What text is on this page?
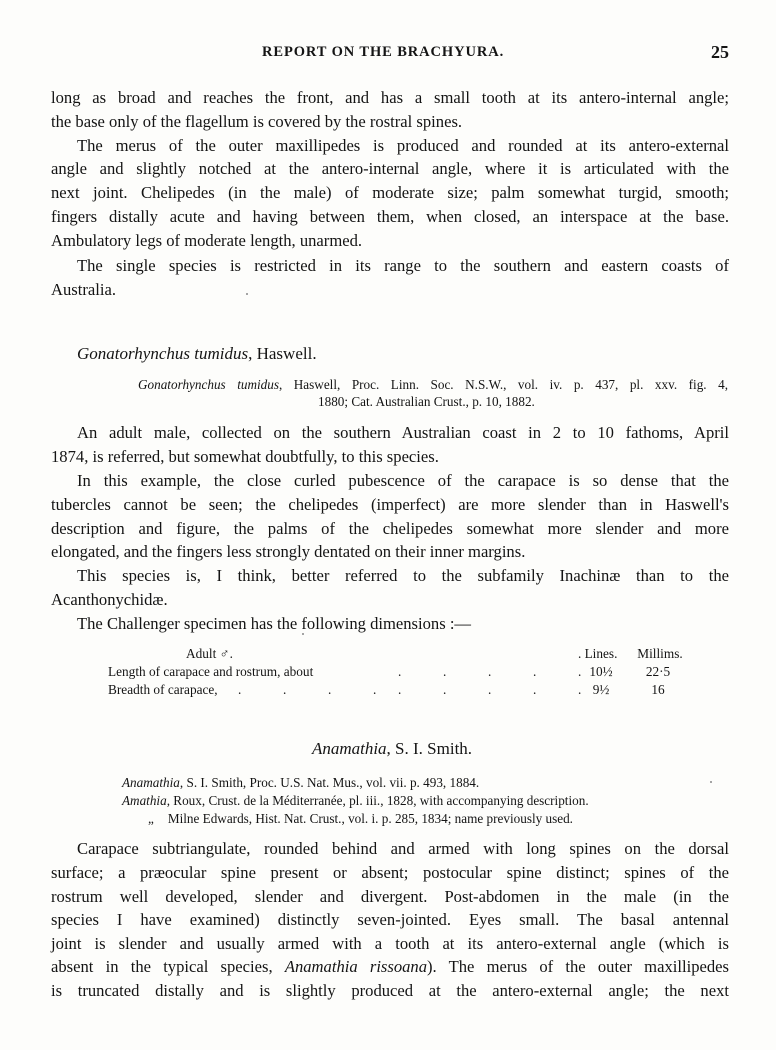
REPORT ON THE BRACHYURA.	25
long as broad and reaches the front, and has a small tooth at its antero-internal angle;
the base only of the flagellum is covered by the rostral spines.
The merus of the outer maxillipedes is produced and rounded at its antero-external
angle and slightly notched at the antero-internal angle, where it is articulated with the
next joint. Chelipedes (in the male) of moderate size; palm somewhat turgid, smooth;
fingers distally acute and having between them, when closed, an interspace at the base.
Ambulatory legs of moderate length, unarmed.
The single species is restricted in its range to the southern and eastern coasts of
Australia.
Gonatorhynchus tumidus, Haswell.
Gonatorhynchus tumidus, Haswell, Proc. Linn. Soc. N.S.W., vol. iv. p. 437, pl. xxv. fig. 4,
1880; Cat. Australian Crust., p. 10, 1882.
An adult male, collected on the southern Australian coast in 2 to 10 fathoms, April
1874, is referred, but somewhat doubtfully, to this species.
In this example, the close curled pubescence of the carapace is so dense that the
tubercles cannot be seen; the chelipedes (imperfect) are more slender than in Haswell's
description and figure, the palms of the chelipedes somewhat more slender and more
elongated, and the fingers less strongly dentated on their inner margins.
This species is, I think, better referred to the subfamily Inachinæ than to the
Acanthonychidæ.
The Challenger specimen has the following dimensions :—
Adult ♂.	. Lines.	Millims.
Length of carapace and rostrum, about	.	.	.	.	. 10½	22·5
Breadth of carapace, .	.	.	. .	.	.	.	. 9½	16
Anamathia, S. I. Smith.
Anamathia, S. I. Smith, Proc. U.S. Nat. Mus., vol. vii. p. 493, 1884.
Amathia, Roux, Crust. de la Méditerranée, pl. iii., 1828, with accompanying description.
„ Milne Edwards, Hist. Nat. Crust., vol. i. p. 285, 1834; name previously used.
Carapace subtriangulate, rounded behind and armed with long spines on the dorsal
surface; a præocular spine present or absent; postocular spine distinct; spines of the
rostrum well developed, slender and divergent. Post-abdomen in the male (in the
species I have examined) distinctly seven-jointed. Eyes small. The basal antennal
joint is slender and usually armed with a tooth at its antero-external angle (which is
absent in the typical species, Anamathia rissoana). The merus of the outer maxillipedes
is truncated distally and is slightly produced at the antero-external angle; the next
